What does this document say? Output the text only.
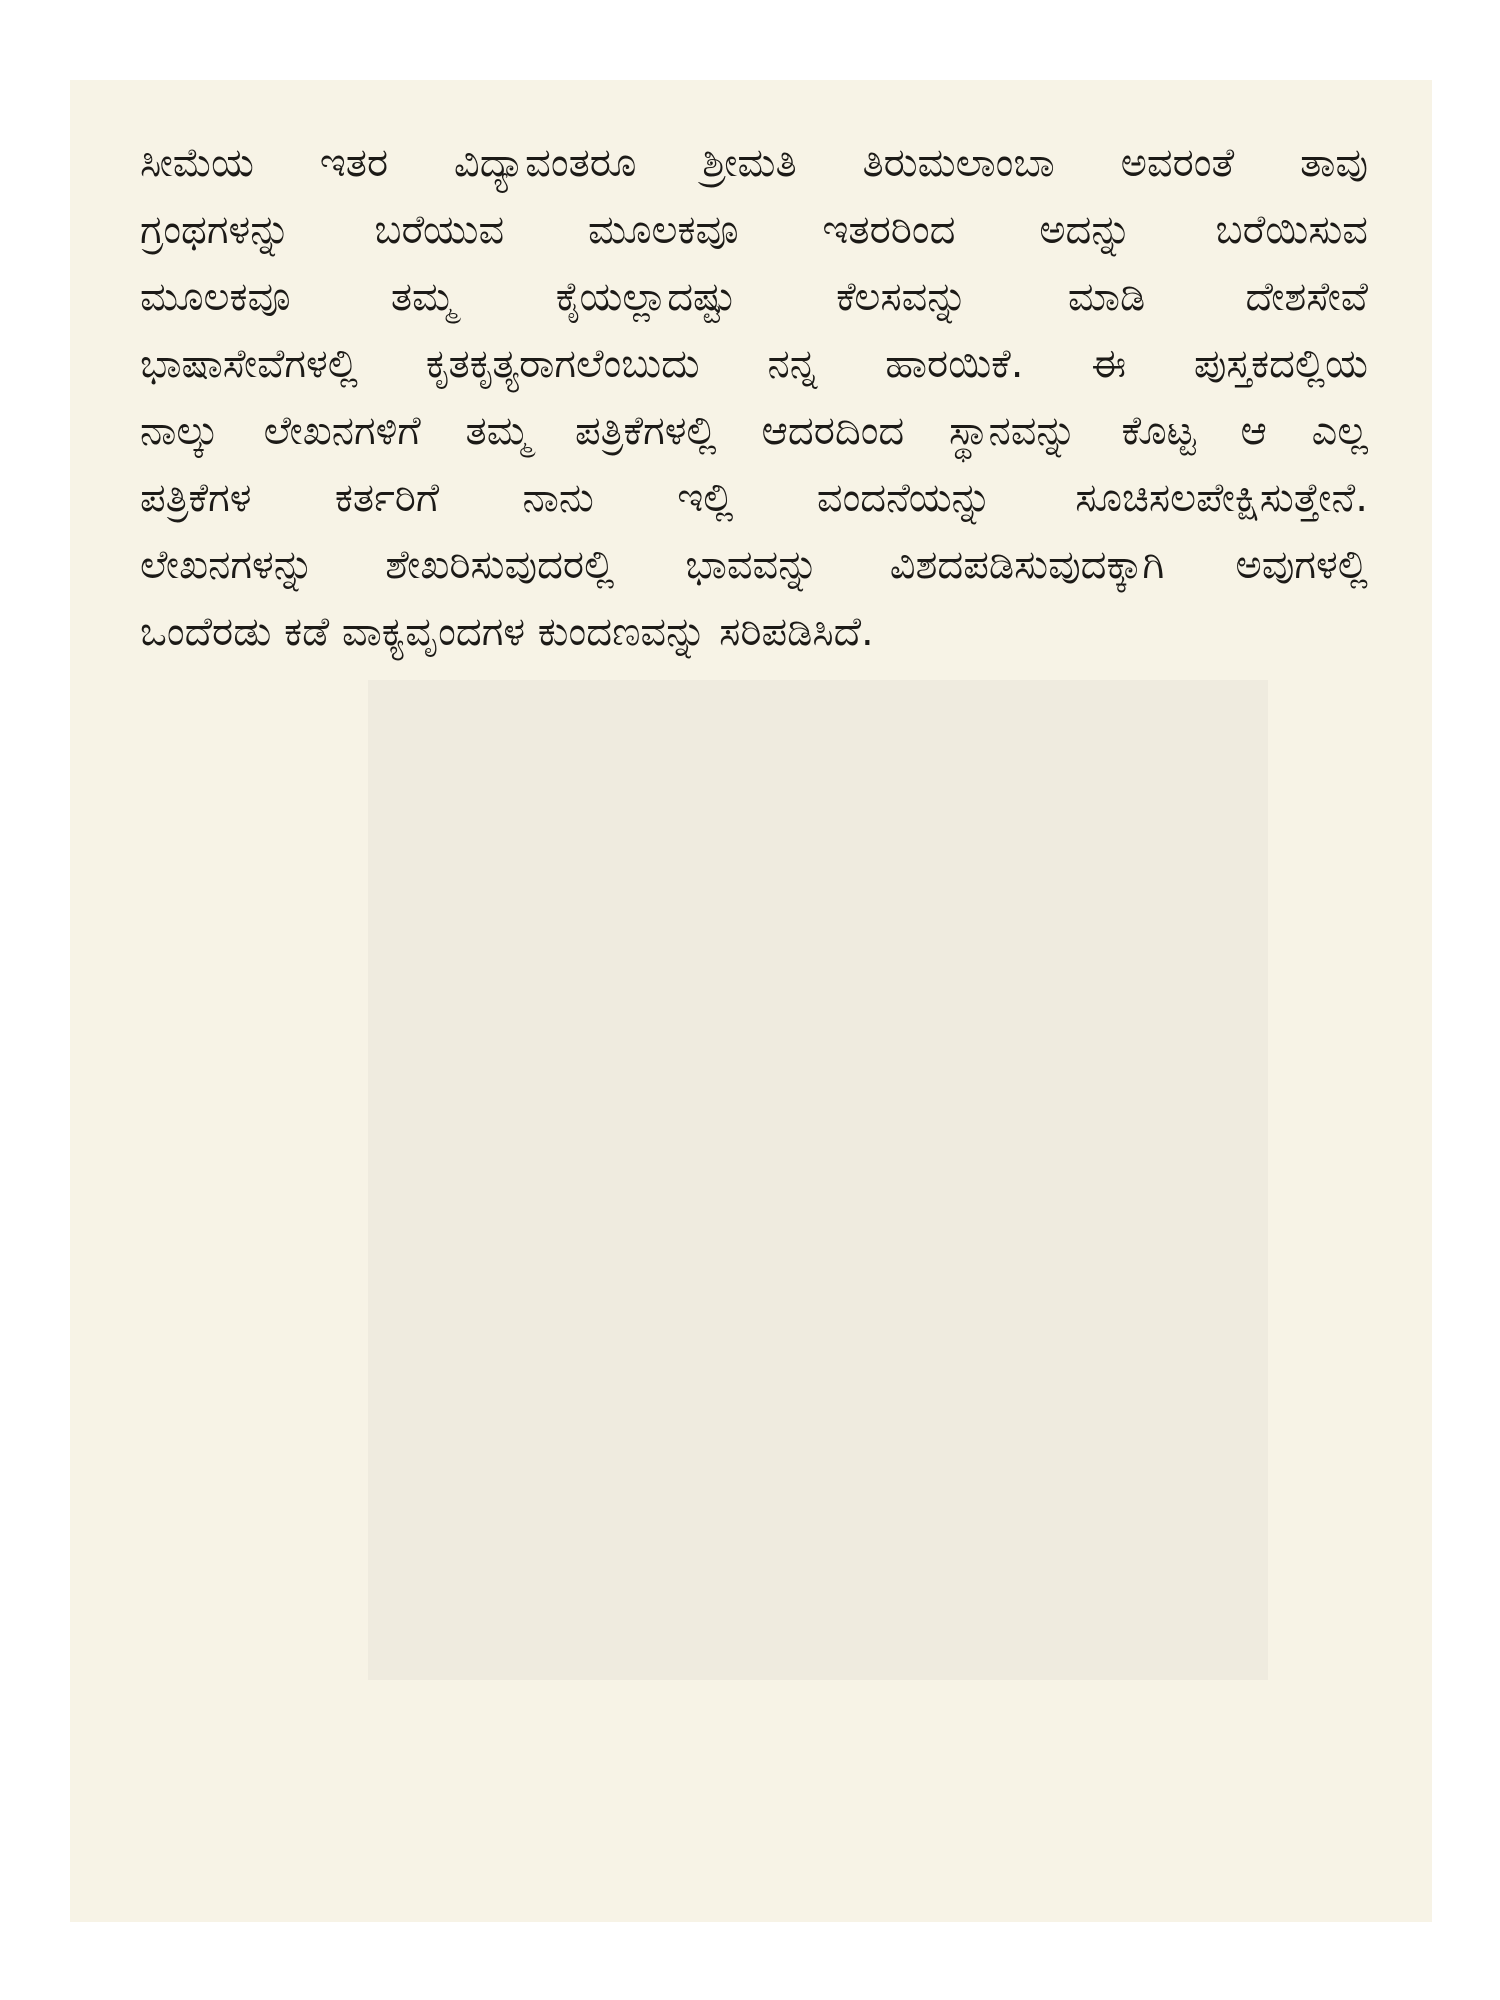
ಸೀಮೆಯ ಇತರ ವಿದ್ಯಾವಂತರೂ ಶ್ರೀಮತಿ ತಿರುಮಲಾಂಬಾ ಅವರಂತೆ ತಾವು
ಗ್ರಂಥಗಳನ್ನು ಬರೆಯುವ ಮೂಲಕವೂ ಇತರರಿಂದ ಅದನ್ನು ಬರೆಯಿಸುವ
ಮೂಲಕವೂ ತಮ್ಮ ಕೈಯಲ್ಲಾದಷ್ಟು ಕೆಲಸವನ್ನು ಮಾಡಿ ದೇಶಸೇವೆ
ಭಾಷಾಸೇವೆಗಳಲ್ಲಿ ಕೃತಕೃತ್ಯರಾಗಲೆಂಬುದು ನನ್ನ ಹಾರಯಿಕೆ. ಈ ಪುಸ್ತಕದಲ್ಲಿಯ
ನಾಲ್ಕು ಲೇಖನಗಳಿಗೆ ತಮ್ಮ ಪತ್ರಿಕೆಗಳಲ್ಲಿ ಆದರದಿಂದ ಸ್ಥಾನವನ್ನು ಕೊಟ್ಟ ಆ ಎಲ್ಲ
ಪತ್ರಿಕೆಗಳ ಕರ್ತರಿಗೆ ನಾನು ಇಲ್ಲಿ ವಂದನೆಯನ್ನು ಸೂಚಿಸಲಪೇಕ್ಷಿಸುತ್ತೇನೆ.
ಲೇಖನಗಳನ್ನು ಶೇಖರಿಸುವುದರಲ್ಲಿ ಭಾವವನ್ನು ವಿಶದಪಡಿಸುವುದಕ್ಕಾಗಿ ಅವುಗಳಲ್ಲಿ
ಒಂದೆರಡು ಕಡೆ ವಾಕ್ಯವೃಂದಗಳ ಕುಂದಣವನ್ನು ಸರಿಪಡಿಸಿದೆ.
